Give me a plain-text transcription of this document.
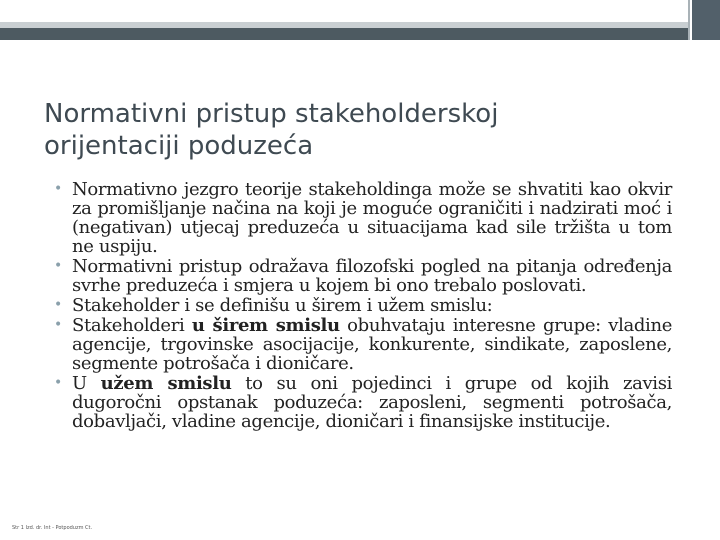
Normativni pristup stakeholderskoj
orijentaciji poduzeća
• Normativno jezgro teorije stakeholdinga može se shvatiti kao okvir za promišljanje načina na koji je moguće ograničiti i nadzirati moć i (negativan) utjecaj preduzeća u situacijama kad sile tržišta u tom ne uspiju.
• Normativni pristup odražava filozofski pogled na pitanja određenja svrhe preduzeća i smjera u kojem bi ono trebalo poslovati.
• Stakeholder i se definišu u širem i užem smislu:
• Stakeholderi u širem smislu obuhvataju interesne grupe: vladine agencije, trgovinske asocijacije, konkurente, sindikate, zaposlene, segmente potrošača i dioničare.
• U užem smislu to su oni pojedinci i grupe od kojih zavisi dugoročni opstanak poduzeća: zaposleni, segmenti potrošača, dobavljači, vladine agencije, dioničari i finansijske institucije.
Str 1 Izd. dr. Int - Potpoduzm Ct.
